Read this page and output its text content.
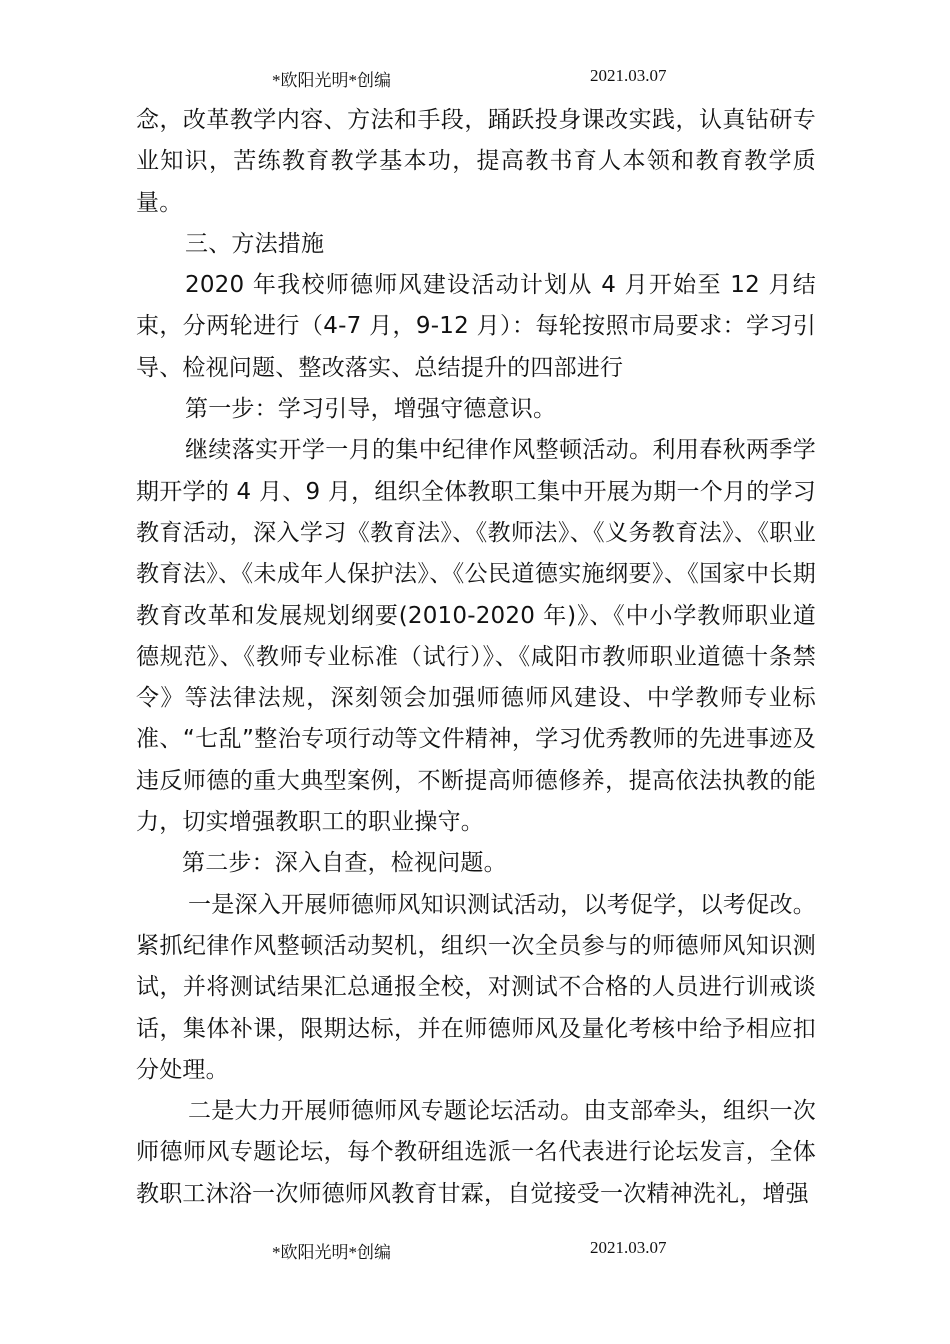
*欧阳光明*创编	2021.03.07

念，改革教学内容、方法和手段，踊跃投身课改实践，认真钻研专业知识，苦练教育教学基本功，提高教书育人本领和教育教学质量。

三、方法措施

2020 年我校师德师风建设活动计划从 4 月开始至 12 月结束，分两轮进行（4-7 月，9-12 月）：每轮按照市局要求：学习引导、检视问题、整改落实、总结提升的四部进行

第一步：学习引导，增强守德意识。

继续落实开学一月的集中纪律作风整顿活动。利用春秋两季学期开学的 4 月、9 月，组织全体教职工集中开展为期一个月的学习教育活动，深入学习《教育法》、《教师法》、《义务教育法》、《职业教育法》、《未成年人保护法》、《公民道德实施纲要》、《国家中长期教育改革和发展规划纲要(2010-2020 年)》、《中小学教师职业道德规范》、《教师专业标准（试行）》、《咸阳市教师职业道德十条禁令》等法律法规，深刻领会加强师德师风建设、中学教师专业标准、“七乱”整治专项行动等文件精神，学习优秀教师的先进事迹及违反师德的重大典型案例，不断提高师德修养，提高依法执教的能力，切实增强教职工的职业操守。

第二步：深入自查，检视问题。

一是深入开展师德师风知识测试活动，以考促学，以考促改。紧抓纪律作风整顿活动契机，组织一次全员参与的师德师风知识测试，并将测试结果汇总通报全校，对测试不合格的人员进行训戒谈话，集体补课，限期达标，并在师德师风及量化考核中给予相应扣分处理。

二是大力开展师德师风专题论坛活动。由支部牵头，组织一次师德师风专题论坛，每个教研组选派一名代表进行论坛发言，全体教职工沐浴一次师德师风教育甘霖，自觉接受一次精神洗礼，增强

*欧阳光明*创编	2021.03.07
